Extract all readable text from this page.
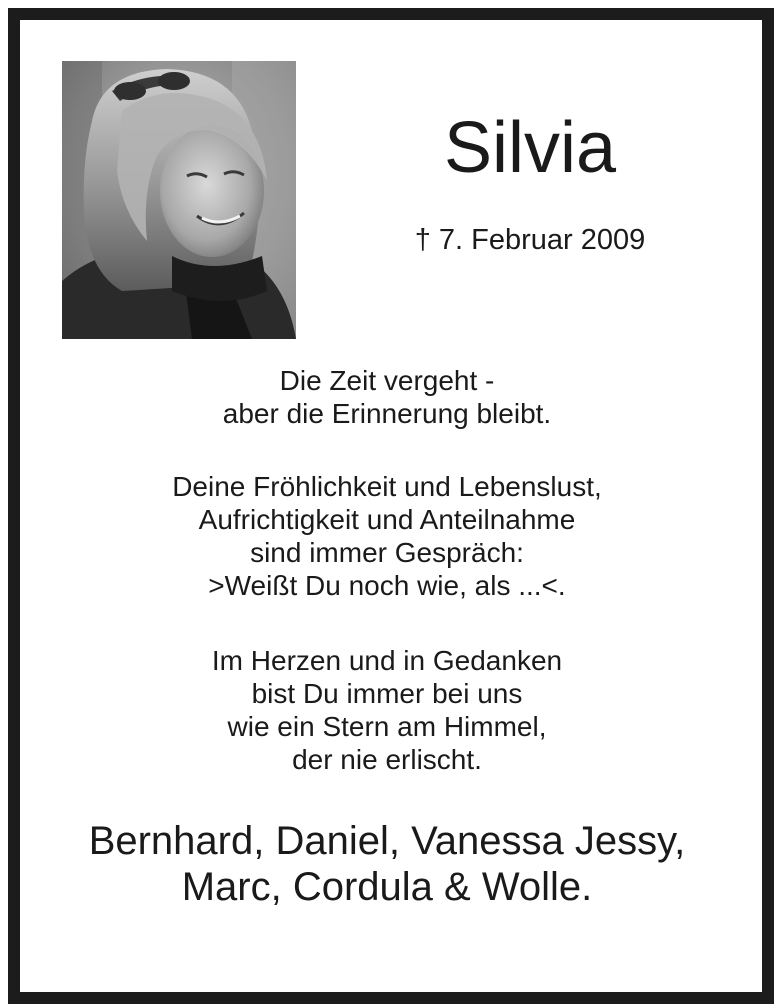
Silvia
† 7. Februar 2009
Die Zeit vergeht -
aber die Erinnerung bleibt.
Deine Fröhlichkeit und Lebenslust,
Aufrichtigkeit und Anteilnahme
sind immer Gespräch:
>Weißt Du noch wie, als ...<.
Im Herzen und in Gedanken
bist Du immer bei uns
wie ein Stern am Himmel,
der nie erlischt.
Bernhard, Daniel, Vanessa Jessy,
Marc, Cordula & Wolle.
